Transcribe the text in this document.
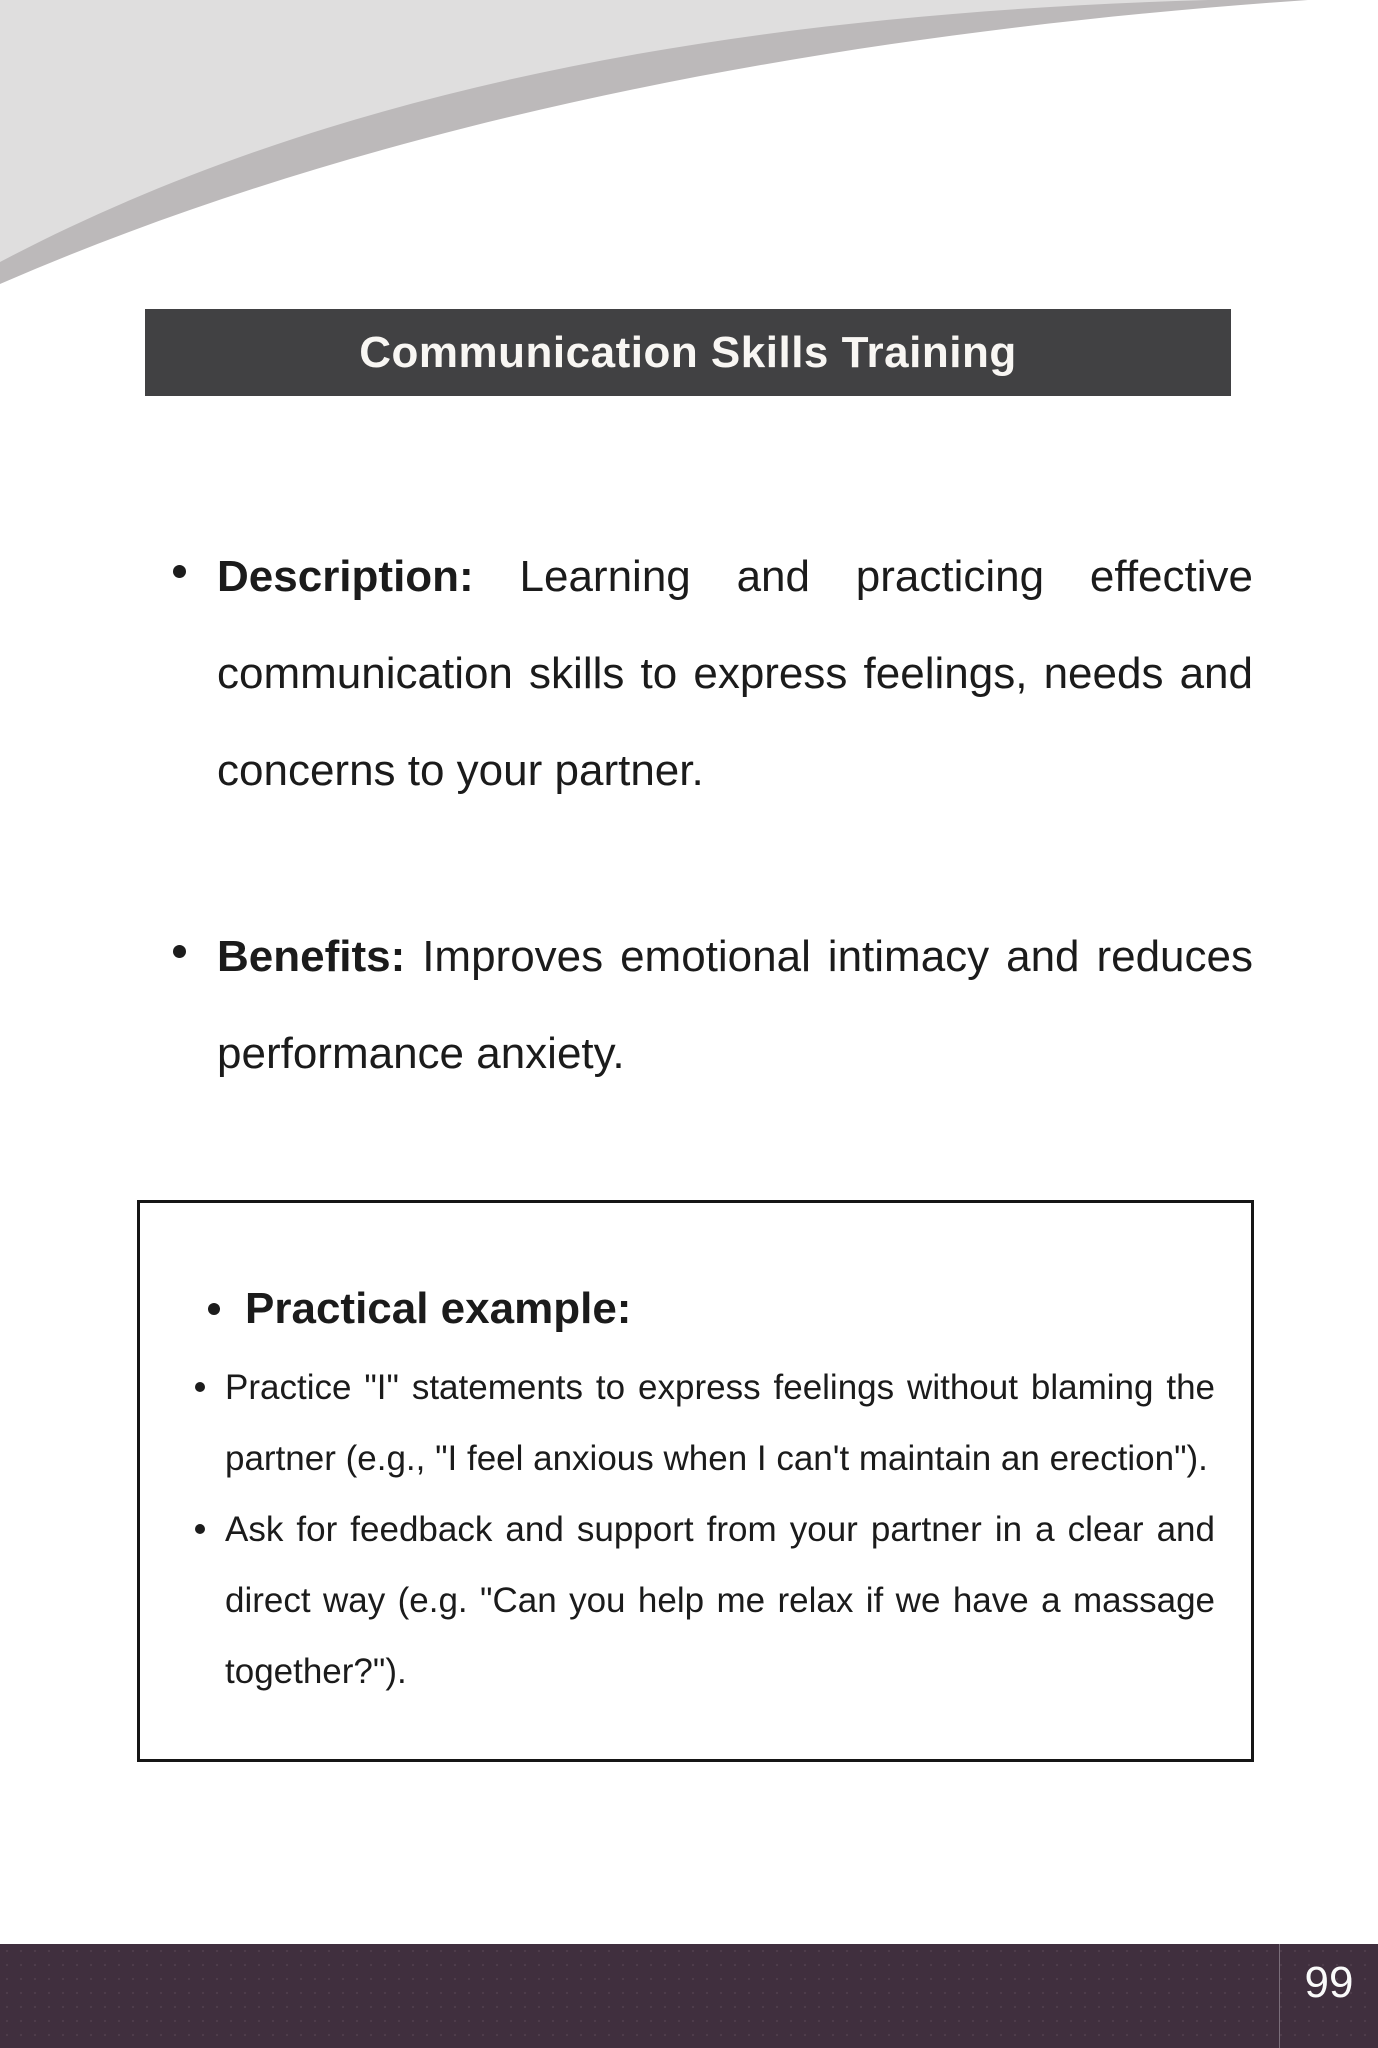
Communication Skills Training
Description: Learning and practicing effective
communication skills to express feelings, needs and
concerns to your partner.
Benefits: Improves emotional intimacy and reduces
performance anxiety.
Practical example:
Practice "I" statements to express feelings without blaming the
partner (e.g., "I feel anxious when I can't maintain an erection").
Ask for feedback and support from your partner in a clear and
direct way (e.g. "Can you help me relax if we have a massage
together?").
99
